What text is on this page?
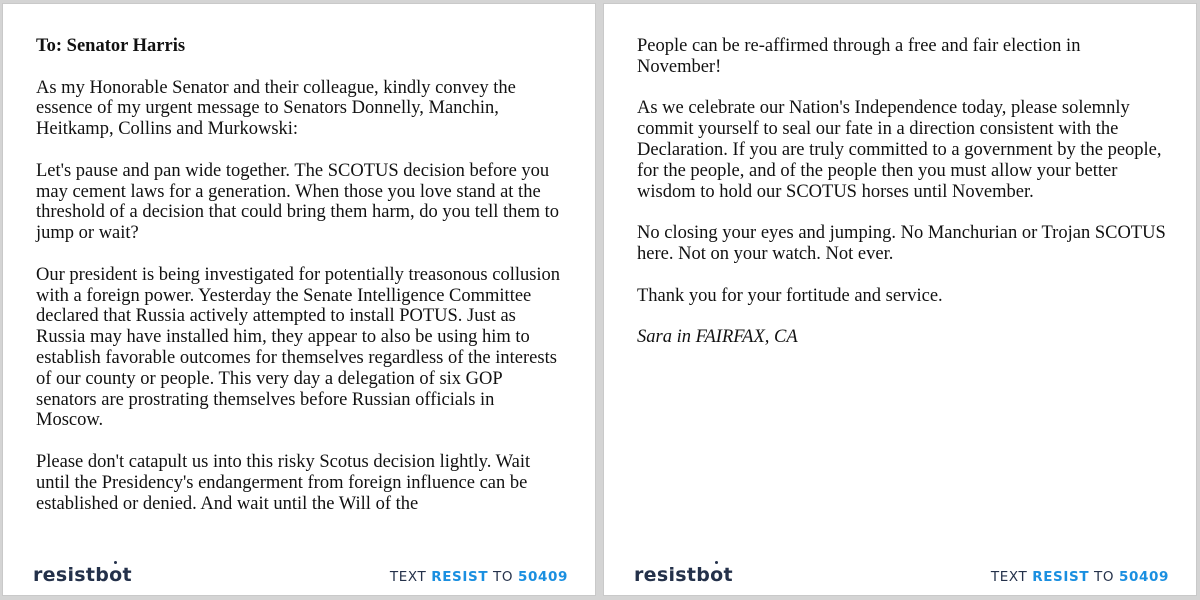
To: Senator Harris

As my Honorable Senator and their colleague, kindly convey the essence of my urgent message to Senators Donnelly, Manchin, Heitkamp, Collins and Murkowski:

Let's pause and pan wide together. The SCOTUS decision before you may cement laws for a generation. When those you love stand at the threshold of a decision that could bring them harm, do you tell them to jump or wait?

Our president is being investigated for potentially treasonous collusion with a foreign power. Yesterday the Senate Intelligence Committee declared that Russia actively attempted to install POTUS. Just as Russia may have installed him, they appear to also be using him to establish favorable outcomes for themselves regardless of the interests of our county or people. This very day a delegation of six GOP senators are prostrating themselves before Russian officials in Moscow.

Please don't catapult us into this risky Scotus decision lightly. Wait until the Presidency's endangerment from foreign influence can be established or denied. And wait until the Will of the

resistbot	TEXT RESIST TO 50409

People can be re-affirmed through a free and fair election in November!

As we celebrate our Nation's Independence today, please solemnly commit yourself to seal our fate in a direction consistent with the Declaration. If you are truly committed to a government by the people, for the people, and of the people then you must allow your better wisdom to hold our SCOTUS horses until November.

No closing your eyes and jumping. No Manchurian or Trojan SCOTUS here. Not on your watch. Not ever.

Thank you for your fortitude and service.

Sara in FAIRFAX, CA

resistbot	TEXT RESIST TO 50409
